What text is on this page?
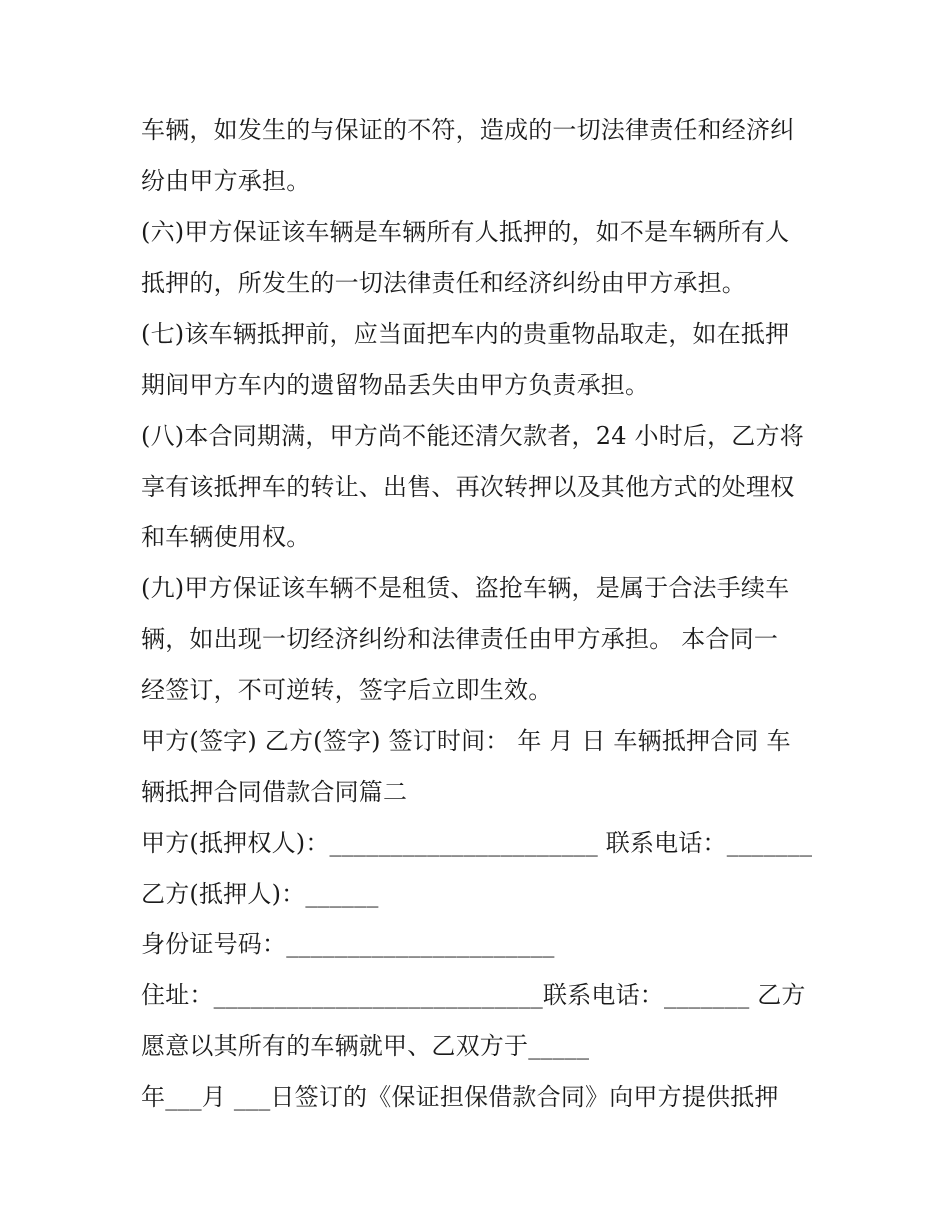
车辆，如发生的与保证的不符，造成的一切法律责任和经济纠
纷由甲方承担。
(六)甲方保证该车辆是车辆所有人抵押的，如不是车辆所有人
抵押的，所发生的一切法律责任和经济纠纷由甲方承担。
(七)该车辆抵押前，应当面把车内的贵重物品取走，如在抵押
期间甲方车内的遗留物品丢失由甲方负责承担。
(八)本合同期满，甲方尚不能还清欠款者，24 小时后，乙方将
享有该抵押车的转让、出售、再次转押以及其他方式的处理权
和车辆使用权。
(九)甲方保证该车辆不是租赁、盗抢车辆，是属于合法手续车
辆，如出现一切经济纠纷和法律责任由甲方承担。 本合同一
经签订，不可逆转，签字后立即生效。
甲方(签字) 乙方(签字) 签订时间： 年 月 日 车辆抵押合同 车
辆抵押合同借款合同篇二
甲方(抵押权人)：______________________ 联系电话：_______
乙方(抵押人)：______
身份证号码：______________________
住址：___________________________联系电话：_______ 乙方
愿意以其所有的车辆就甲、乙双方于_____
年___月 ___日签订的《保证担保借款合同》向甲方提供抵押
